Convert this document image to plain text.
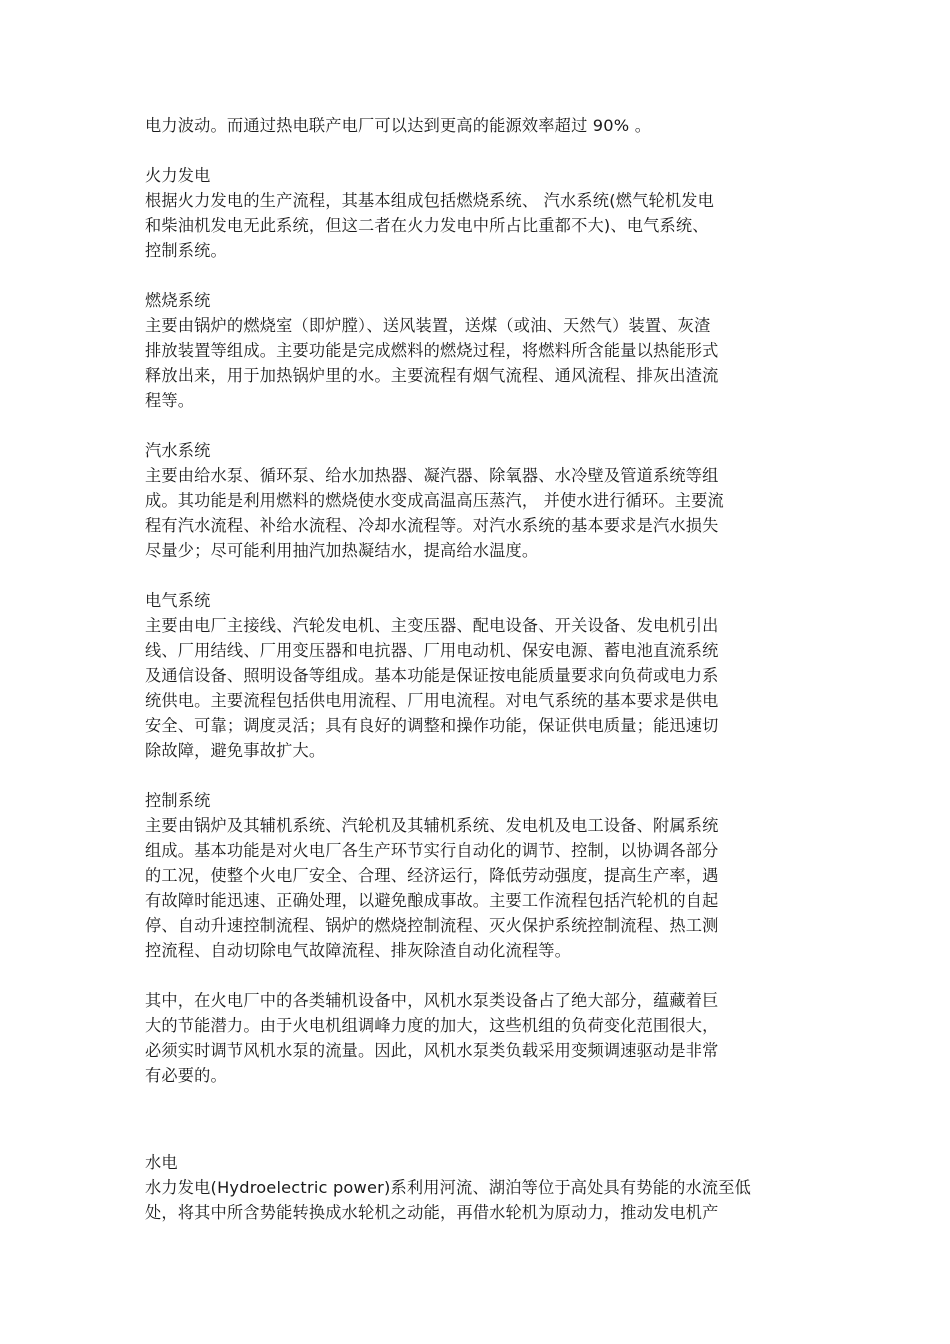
电力波动。而通过热电联产电厂可以达到更高的能源效率超过 90% 。
火力发电
根据火力发电的生产流程，其基本组成包括燃烧系统、 汽水系统(燃气轮机发电
和柴油机发电无此系统，但这二者在火力发电中所占比重都不大)、电气系统、
控制系统。
燃烧系统
主要由锅炉的燃烧室（即炉膛）、送风装置，送煤（或油、天然气）装置、灰渣
排放装置等组成。主要功能是完成燃料的燃烧过程，将燃料所含能量以热能形式
释放出来，用于加热锅炉里的水。主要流程有烟气流程、通风流程、排灰出渣流
程等。
汽水系统
主要由给水泵、循环泵、给水加热器、凝汽器、除氧器、水冷壁及管道系统等组
成。其功能是利用燃料的燃烧使水变成高温高压蒸汽， 并使水进行循环。主要流
程有汽水流程、补给水流程、冷却水流程等。对汽水系统的基本要求是汽水损失
尽量少；尽可能利用抽汽加热凝结水，提高给水温度。
电气系统
主要由电厂主接线、汽轮发电机、主变压器、配电设备、开关设备、发电机引出
线、厂用结线、厂用变压器和电抗器、厂用电动机、保安电源、蓄电池直流系统
及通信设备、照明设备等组成。基本功能是保证按电能质量要求向负荷或电力系
统供电。主要流程包括供电用流程、厂用电流程。对电气系统的基本要求是供电
安全、可靠；调度灵活；具有良好的调整和操作功能，保证供电质量；能迅速切
除故障，避免事故扩大。
控制系统
主要由锅炉及其辅机系统、汽轮机及其辅机系统、发电机及电工设备、附属系统
组成。基本功能是对火电厂各生产环节实行自动化的调节、控制，以协调各部分
的工况，使整个火电厂安全、合理、经济运行，降低劳动强度，提高生产率，遇
有故障时能迅速、正确处理，以避免酿成事故。主要工作流程包括汽轮机的自起
停、自动升速控制流程、锅炉的燃烧控制流程、灭火保护系统控制流程、热工测
控流程、自动切除电气故障流程、排灰除渣自动化流程等。
其中，在火电厂中的各类辅机设备中，风机水泵类设备占了绝大部分，蕴藏着巨
大的节能潜力。由于火电机组调峰力度的加大，这些机组的负荷变化范围很大，
必须实时调节风机水泵的流量。因此，风机水泵类负载采用变频调速驱动是非常
有必要的。
水电
水力发电(Hydroelectric power)系利用河流、湖泊等位于高处具有势能的水流至低
处，将其中所含势能转换成水轮机之动能，再借水轮机为原动力，推动发电机产
